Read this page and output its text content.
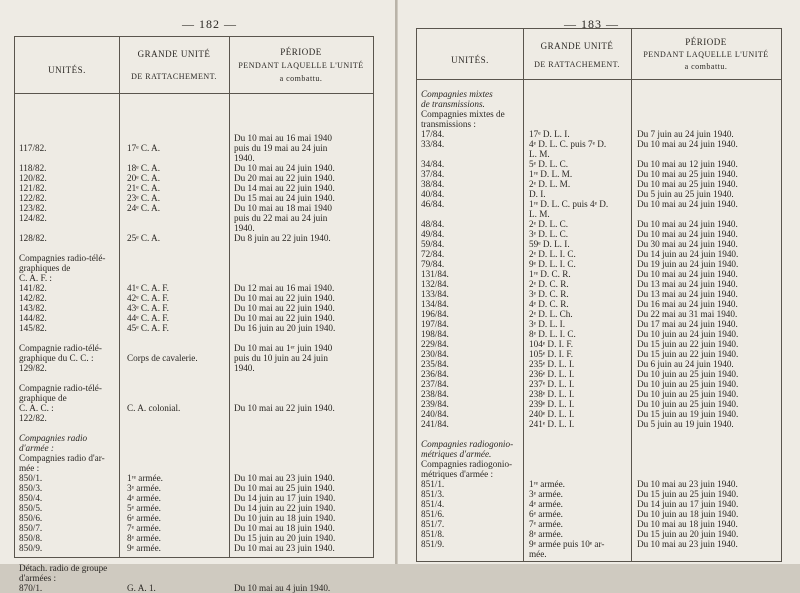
— 182 —
UNITÉS.
GRANDE UNITÉ
DE RATTACHEMENT.
PÉRIODE
PENDANT LAQUELLE L'UNITÉ
a combattu.
117/82.
118/82.
120/82.
121/82.
122/82.
123/82.
124/82.
128/82.
Compagnies radio-télé-
graphiques de
C. A. F. :
141/82.
142/82.
143/82.
144/82.
145/82.
Compagnie radio-télé-
graphique du C. C. :
129/82.
Compagnie radio-télé-
graphique de
C. A. C. :
122/82.
Compagnies radio
d'armée :
Compagnies radio d'ar-
mée :
850/1.
850/3.
850/4.
850/5.
850/6.
850/7.
850/8.
850/9.
Détach. radio de groupe
d'armées :
870/1.
17ᵉ C. A.
18ᵉ C. A.
20ᵉ C. A.
21ᵉ C. A.
23ᵉ C. A.
24ᵉ C. A.
25ᵉ C. A.
41ᵉ C. A. F.
42ᵉ C. A. F.
43ᵉ C. A. F.
44ᵉ C. A. F.
45ᵉ C. A. F.
Corps de cavalerie.
C. A. colonial.
1ʳᵉ armée.
3ᵉ armée.
4ᵉ armée.
5ᵉ armée.
6ᵉ armée.
7ᵉ armée.
8ᵉ armée.
9ᵉ armée.
G. A. 1.
Du 10 mai au 16 mai 1940
puis du 19 mai au 24 juin
1940.
Du 10 mai au 24 juin 1940.
Du 20 mai au 22 juin 1940.
Du 14 mai au 22 juin 1940.
Du 15 mai au 24 juin 1940.
Du 10 mai au 18 mai 1940
puis du 22 mai au 24 juin
1940.
Du 8 juin au 22 juin 1940.
Du 12 mai au 16 mai 1940.
Du 10 mai au 22 juin 1940.
Du 10 mai au 22 juin 1940.
Du 10 mai au 22 juin 1940.
Du 16 juin au 20 juin 1940.
Du 10 mai au 1ᵉʳ juin 1940
puis du 10 juin au 24 juin
1940.
Du 10 mai au 22 juin 1940.
Du 10 mai au 23 juin 1940.
Du 10 mai au 25 juin 1940.
Du 14 juin au 17 juin 1940.
Du 14 juin au 22 juin 1940.
Du 10 juin au 18 juin 1940.
Du 10 mai au 18 juin 1940.
Du 15 juin au 20 juin 1940.
Du 10 mai au 23 juin 1940.
Du 10 mai au 4 juin 1940.
— 183 —
UNITÉS.
GRANDE UNITÉ
DE RATTACHEMENT.
PÉRIODE
PENDANT LAQUELLE L'UNITÉ
a combattu.
Compagnies mixtes
de transmissions.
Compagnies mixtes de
transmissions :
17/84.
33/84.
34/84.
37/84.
38/84.
40/84.
46/84.
48/84.
49/84.
59/84.
72/84.
79/84.
131/84.
132/84.
133/84.
134/84.
196/84.
197/84.
198/84.
229/84.
230/84.
235/84.
236/84.
237/84.
238/84.
239/84.
240/84.
241/84.
Compagnies radiogonio-
métriques d'armée.
Compagnies radiogonio-
métriques d'armée :
851/1.
851/3.
851/4.
851/6.
851/7.
851/8.
851/9.
17ᵉ D. L. I.
4ᵉ D. L. C. puis 7ᵉ D.
L. M.
5ᵉ D. L. C.
1ʳᵉ D. L. M.
2ᵉ D. L. M.
D. I.
1ʳᵉ D. L. C. puis 4ᵉ D.
L. M.
2ᵉ D. L. C.
3ᵉ D. L. C.
59ᵉ D. L. I.
2ᵉ D. L. I. C.
9ᵉ D. L. I. C.
1ʳᵉ D. C. R.
2ᵉ D. C. R.
3ᵉ D. C. R.
4ᵉ D. C. R.
2ᵉ D. L. Ch.
3ᵉ D. L. I.
8ᵉ D. L. I. C.
104ᵉ D. I. F.
105ᵉ D. I. F.
235ᵉ D. L. I.
236ᵉ D. L. I.
237ᵉ D. L. I.
238ᵉ D. L. I.
239ᵉ D. L. I.
240ᵉ D. L. I.
241ᵉ D. L. I.
1ʳᵉ armée.
3ᵉ armée.
4ᵉ armée.
6ᵉ armée.
7ᵉ armée.
8ᵉ armée.
9ᵉ armée puis 10ᵉ ar-
mée.
Du 7 juin au 24 juin 1940.
Du 10 mai au 24 juin 1940.
Du 10 mai au 12 juin 1940.
Du 10 mai au 25 juin 1940.
Du 10 mai au 25 juin 1940.
Du 5 juin au 25 juin 1940.
Du 10 mai au 24 juin 1940.
Du 10 mai au 24 juin 1940.
Du 10 mai au 24 juin 1940.
Du 30 mai au 24 juin 1940.
Du 14 juin au 24 juin 1940.
Du 19 juin au 24 juin 1940.
Du 10 mai au 24 juin 1940.
Du 13 mai au 24 juin 1940.
Du 13 mai au 24 juin 1940.
Du 16 mai au 24 juin 1940.
Du 22 mai au 31 mai 1940.
Du 17 mai au 24 juin 1940.
Du 10 juin au 24 juin 1940.
Du 15 juin au 22 juin 1940.
Du 15 juin au 22 juin 1940.
Du 6 juin au 24 juin 1940.
Du 10 juin au 25 juin 1940.
Du 10 juin au 25 juin 1940.
Du 10 juin au 25 juin 1940.
Du 10 juin au 25 juin 1940.
Du 15 juin au 19 juin 1940.
Du 5 juin au 19 juin 1940.
Du 10 mai au 23 juin 1940.
Du 15 juin au 25 juin 1940.
Du 14 juin au 17 juin 1940.
Du 10 juin au 18 juin 1940.
Du 10 mai au 18 juin 1940.
Du 15 juin au 20 juin 1940.
Du 10 mai au 23 juin 1940.
